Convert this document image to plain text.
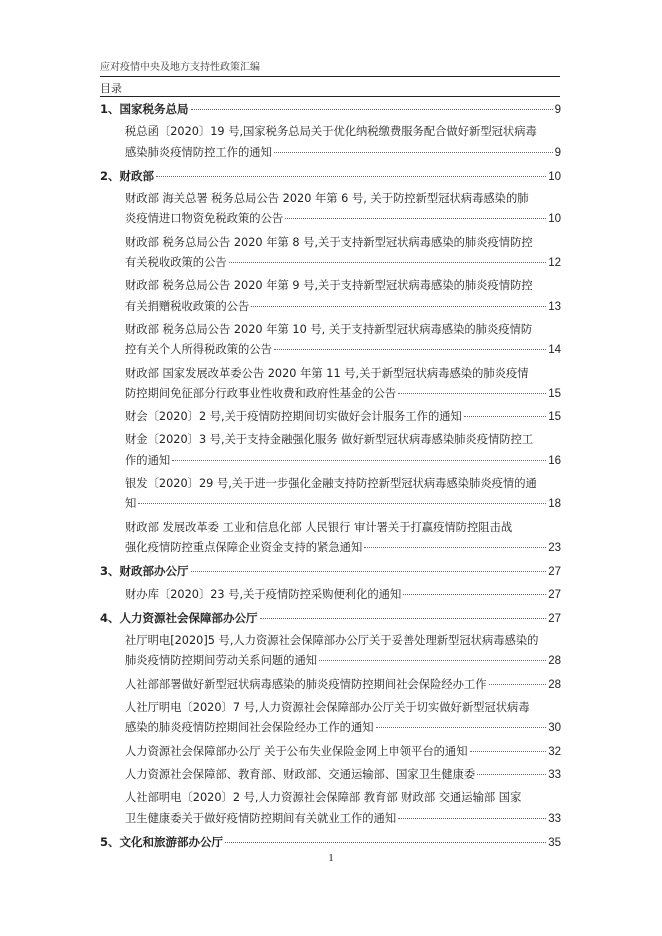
应对疫情中央及地方支持性政策汇编
目录
1、国家税务总局	9
税总函〔2020〕19 号,国家税务总局关于优化纳税缴费服务配合做好新型冠状病毒
感染肺炎疫情防控工作的通知	9
2、财政部	10
财政部 海关总署 税务总局公告 2020 年第 6 号, 关于防控新型冠状病毒感染的肺
炎疫情进口物资免税政策的公告	10
财政部 税务总局公告 2020 年第 8 号,关于支持新型冠状病毒感染的肺炎疫情防控
有关税收政策的公告	12
财政部 税务总局公告 2020 年第 9 号,关于支持新型冠状病毒感染的肺炎疫情防控
有关捐赠税收政策的公告	13
财政部 税务总局公告 2020 年第 10 号, 关于支持新型冠状病毒感染的肺炎疫情防
控有关个人所得税政策的公告	14
财政部 国家发展改革委公告 2020 年第 11 号,关于新型冠状病毒感染的肺炎疫情
防控期间免征部分行政事业性收费和政府性基金的公告	15
财会〔2020〕2 号,关于疫情防控期间切实做好会计服务工作的通知	15
财金〔2020〕3 号,关于支持金融强化服务 做好新型冠状病毒感染肺炎疫情防控工
作的通知	16
银发〔2020〕29 号,关于进一步强化金融支持防控新型冠状病毒感染肺炎疫情的通
知	18
财政部 发展改革委 工业和信息化部 人民银行 审计署关于打赢疫情防控阻击战
强化疫情防控重点保障企业资金支持的紧急通知	23
3、财政部办公厅	27
财办库〔2020〕23 号,关于疫情防控采购便利化的通知	27
4、人力资源社会保障部办公厅	27
社厅明电[2020]5 号,人力资源社会保障部办公厅关于妥善处理新型冠状病毒感染的
肺炎疫情防控期间劳动关系问题的通知	28
人社部部署做好新型冠状病毒感染的肺炎疫情防控期间社会保险经办工作	28
人社厅明电〔2020〕7 号,人力资源社会保障部办公厅关于切实做好新型冠状病毒
感染的肺炎疫情防控期间社会保险经办工作的通知	30
人力资源社会保障部办公厅 关于公布失业保险金网上申领平台的通知	32
人力资源社会保障部、教育部、财政部、交通运输部、国家卫生健康委	33
人社部明电〔2020〕2 号,人力资源社会保障部 教育部 财政部 交通运输部 国家
卫生健康委关于做好疫情防控期间有关就业工作的通知	33
5、文化和旅游部办公厅	35
1
